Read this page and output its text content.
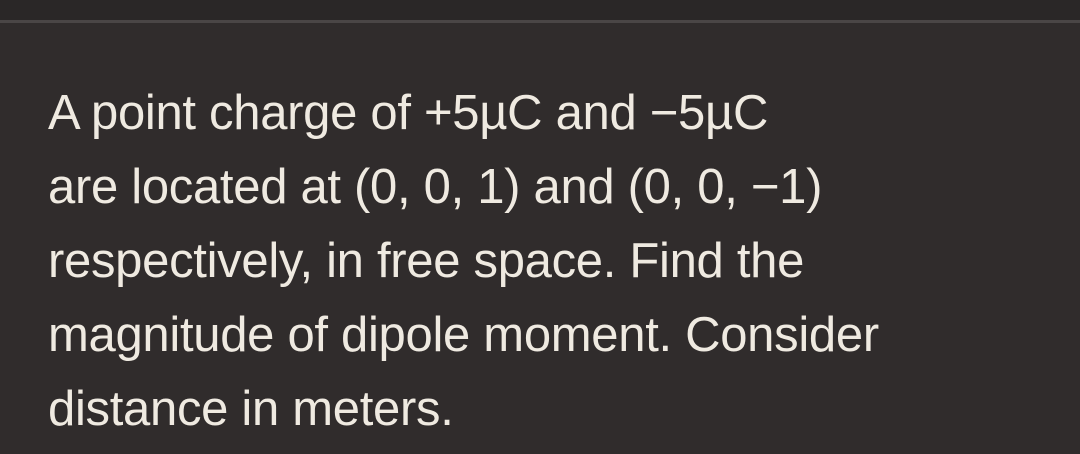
A point charge of +5µC and −5µC
are located at (0, 0, 1) and (0, 0, −1)
respectively, in free space. Find the
magnitude of dipole moment. Consider
distance in meters.
